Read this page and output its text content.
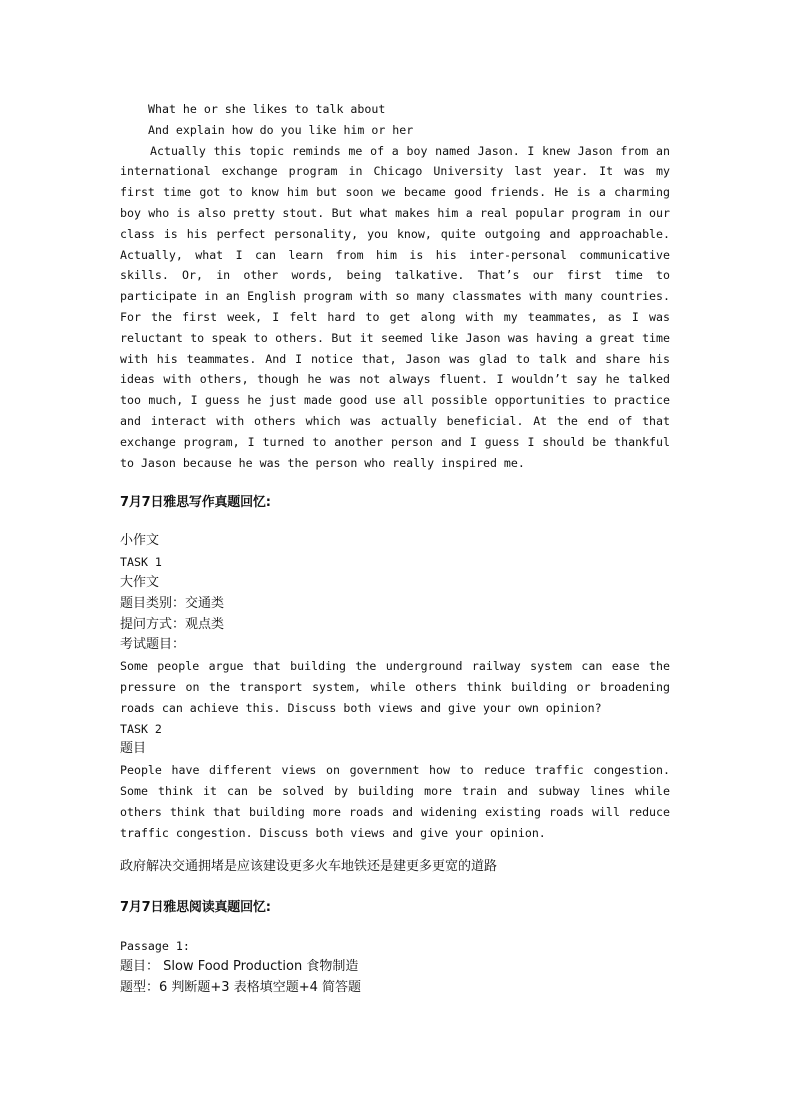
What he or she likes to talk about
And explain how do you like him or her
Actually this topic reminds me of a boy named Jason. I knew Jason from an international exchange program in Chicago University last year. It was my first time got to know him but soon we became good friends. He is a charming boy who is also pretty stout. But what makes him a real popular program in our class is his perfect personality, you know, quite outgoing and approachable. Actually, what I can learn from him is his inter-personal communicative skills. Or, in other words, being talkative. That’s our first time to participate in an English program with so many classmates with many countries. For the first week, I felt hard to get along with my teammates, as I was reluctant to speak to others. But it seemed like Jason was having a great time with his teammates. And I notice that, Jason was glad to talk and share his ideas with others, though he was not always fluent. I wouldn’t say he talked too much, I guess he just made good use all possible opportunities to practice and interact with others which was actually beneficial. At the end of that exchange program, I turned to another person and I guess I should be thankful to Jason because he was the person who really inspired me.
7月7日雅思写作真题回忆:
小作文
TASK 1
大作文
题目类别：交通类
提问方式：观点类
考试题目：
Some people argue that building the underground railway system can ease the pressure on the transport system, while others think building or broadening roads can achieve this. Discuss both views and give your own opinion?
TASK 2
题目
People have different views on government how to reduce traffic congestion. Some think it can be solved by building more train and subway lines while others think that building more roads and widening existing roads will reduce traffic congestion. Discuss both views and give your opinion.
政府解决交通拥堵是应该建设更多火车地铁还是建更多更宽的道路
7月7日雅思阅读真题回忆:
Passage 1:
题目： Slow Food Production 食物制造
题型：6 判断题+3 表格填空题+4 简答题
